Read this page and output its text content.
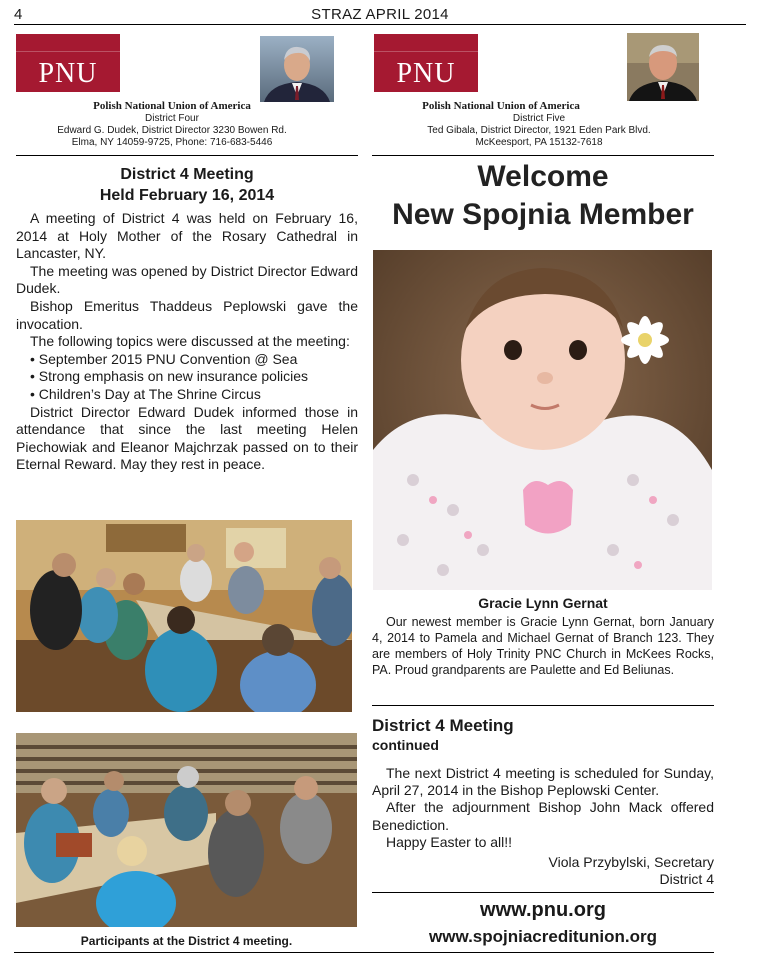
4	STRAZ APRIL 2014
PNU
Polish National Union of America
District Four
Edward G. Dudek, District Director 3230 Bowen Rd.
Elma, NY 14059-9725, Phone: 716-683-5446
PNU
Polish National Union of America
District Five
Ted Gibala, District Director, 1921 Eden Park Blvd.
McKeesport, PA 15132-7618
District 4 Meeting
Held February 16, 2014

A meeting of District 4 was held on February 16, 2014 at Holy Mother of the Rosary Cathedral in Lancaster, NY.

The meeting was opened by District Director Edward Dudek.

Bishop Emeritus Thaddeus Peplowski gave the invocation.

The following topics were discussed at the meeting:

• September 2015 PNU Convention @ Sea
• Strong emphasis on new insurance policies
• Children’s Day at The Shrine Circus

District Director Edward Dudek informed those in attendance that since the last meeting Helen Piechowiak and Eleanor Majchrzak passed on to their Eternal Reward. May they rest in peace.

Participants at the District 4 meeting.
Welcome
New Spojnia Member
Gracie Lynn Gernat

Our newest member is Gracie Lynn Gernat, born January 4, 2014 to Pamela and Michael Gernat of Branch 123. They are members of Holy Trinity PNC Church in McKees Rocks, PA. Proud grandparents are Paulette and Ed Beliunas.

District 4 Meeting
continued

The next District 4 meeting is scheduled for Sunday, April 27, 2014 in the Bishop Peplowski Center.

After the adjournment Bishop John Mack offered Benediction.

Happy Easter to all!!

Viola Przybylski, Secretary
District 4
www.pnu.org
www.spojniacreditunion.org
